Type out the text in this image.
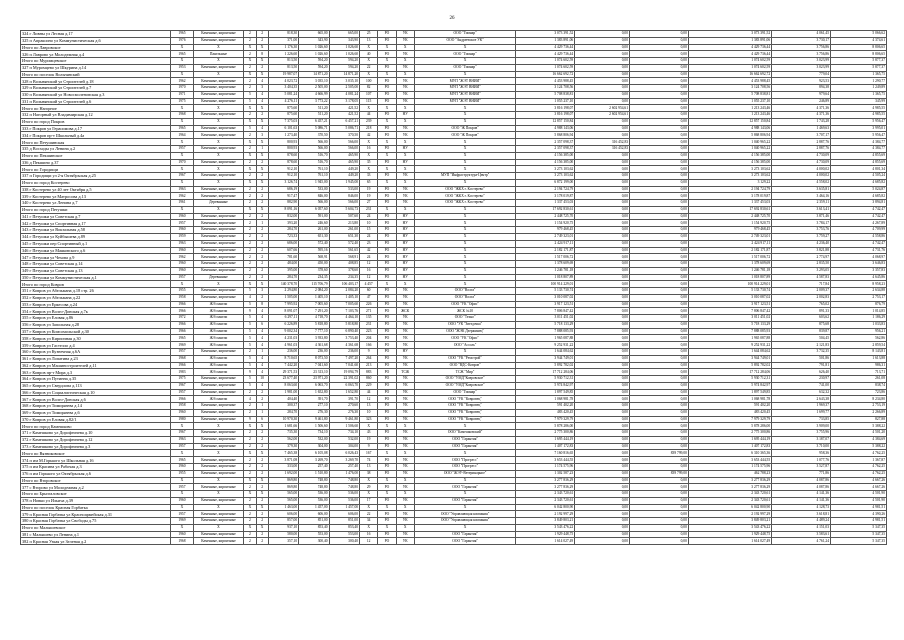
26
324 г Ливны ул Лесная д.17	1965	Каменные, кирпичные	2	2	818,30	665,00	665,00	25	РО	УК	ООО "Гимнар"	3 073 391,52	0,00	0,00	3 073 391,52	4 061,45	5 066,62
325 п Апраксино ул Коммунистическая д.6	1976	Каменные, кирпичные	2	2	371,00	343,90	343,90	13	РО	УК	ООО "Андреевское УК"	1 383 891,06	0,00	0,00	1 383 891,06	3 730,17	4 374,61
Итого по Лавровское	X	X	X	X	1 176,30	1 026,60	1 026,60	X	X	X	X	4 429 736,44	0,00	0,00	4 429 736,44	3 756,86	8 806,65
326 п Лаврово ул Молодежная д.4	1965	Панельные	2	8	1 226,60	1 026,60	1 026,60	40	РО	УК	ООО "Гимнар"	4 429 736,44	0,00	0,00	4 429 736,44	3 756,86	8 806,65
Итого по Муромцевское	X	X	X	X	813,50	594,20	594,20	X	X	X	X	1 074 602,59	0,00	0,00	1 074 602,59	3 023,99	5 877,37
327 п Муромцево ул Шкурина д.14	1953	Каменные, кирпичные	2	2	813,50	594,20	594,20	22	РО	УК	ООО "Гимнар"	1 074 602,59	0,00	0,00	1 074 602,59	3 023,99	5 877,37
Итого по поселок Вольнянский	X	X	X	X	19 987,07	14 871,20	14 871,20	X	X	X	X	16 662 692,72	0,00	0,00	16 662 692,72	779,04	1 365,75
328 п Вольнянский ул Строителей д.18	1962	Каменные, кирпичные	2	4	4 023,72	3 035,10	3 035,10	100	РО	УК	МУП "ЖЭТ ВНИИ"	4 453 988,45	0,00	0,00	4 453 988,45	923,53	1 290,77
329 п Вольнянский ул Строителей д.7	1970	Каменные, кирпичные	2	3	3 404,35	2 505,00	2 505,00	82	РО	УК	МУП "ЖЭТ ВНИИ"	3 124 708,56	0,00	0,00	3 124 708,56	894,38	1 249,89
330 п Вольнянский ул Новосмоленовская д.3	1971	Каменные, кирпичные	5	4	5 081,24	4 666,99	4 081,24	107	РО	УК	МУП "ЖЭТ ВНИИ"	5 708 838,81	0,00	0,00	5 708 838,81	979,64	1 365,75
331 п Вольнянский ул Строителей д.6	1975	Каменные, кирпичные	5	4	4 276,11	3 773,22	3 178,05	115	РО	УК	МУП "ЖЭТ ВНИИ"	1 055 237,10	0,00	0,00	1 055 237,10	246,89	345,99
Итого по Нагорное	X	X	X	X	875,60	511,20	421,52	X	X	X	X	3 816 198,07	2 602 954,61	0,00	1 213 243,46	4 371,36	4 985,55
332 п Нагорный ул Владимирская д.12	1968	Каменные, кирпичные	2	2	875,60	511,20	421,52	44	РО	НУ	X	3 816 198,07	2 602 954,61	0,00	1 213 243,46	4 371,36	4 985,55
Итого по город Покров	X	X	X	X	7 375,03	6 457,21	6 457,21	239	X	X	X	12 857 150,84	0,00	0,00	12 857 150,84	1 743,28	5 956,47
333 г Покров ул Герасимова д.17	1965	Каменные, кирпичные	5	4	6 101,63	5 086,71	5 086,71	218	РО	УК	ООО "Ж Покров"	4 988 143,06	0,00	0,00	4 988 143,06	1 469,63	3 995,01
334 г Покров пр-т Школьный д.4а	1964	Каменные, кирпичные	2	3	1 273,40	370,50	370,50	42	РО	УК	ООО "Ж Покров"	5 868 806,94	0,00	0,00	5 868 806,94	3 707,17	5 956,47
Итого по Петушинская	X	X	X	X	800,93	566,00	566,00	X	X	X	X	2 357 098,37	316 452,83	0,00	1 040 965,22	2 887,76	4 384,77
335 д Восходы ул Ленина д.2	1957	Каменные, кирпичные	2	1	800,93	566,00	566,00	16	РО	НУ	X	2 357 098,37	316 452,83	0,00	1 040 965,22	2 887,76	4 384,77
Итого по Пекшинское	X	X	X	X	878,60	516,70	465,90	X	X	X	X	4 156 385,00	0,00	0,00	4 156 385,00	4 730,09	4 855,69
336 д Пекшино д.37	1970	Каменные, кирпичные	2	2	878,60	516,70	465,90	35	РО	НУ	X	4 156 385,00	0,00	0,00	4 156 385,00	4 730,09	4 855,69
Итого по Городищи	X	X	X	X	912,10	761,10	449,20	X	X	X	X	3 273 103,62	0,00	0,00	3 273 103,62	4 000,02	4 801,34
337 п Городищи ул 2-я Октябрьская д.25	1967	Каменные, кирпичные	2	2	912,10	761,10	449,20	33	РО	УК	МУП "Инфраструктура-Центр"	3 273 103,62	0,00	0,00	3 273 103,62	4 000,02	4 505,24
Итого по город Костерево	X	X	X	X	3 126,74	1 945,00	1 945,00	65	X	X	X	6 872 199,00	0,00	0,00	3 129,22	4 558,02	4 685,82
338 г Костерево ул 40 лет Октября д.5	1963	Каменные, кирпичные	2	2	686,19	533,00	533,00	19	РО	УК	ООО "ЖКХ г. Костерево"	2 194 724,79	0,00	0,00	2 194 724,79	3 635,81	5 024,87
339 г Костерево ул Матросова д.13	1962	Каменные, кирпичные	2	2	917,47	846,00	846,00	19	РО	УК	ООО "ЖКХ г. Костерево"	3 178 019,87	0,00	0,00	3 178 019,87	3 464,16	4 685,82
340 г Костерево ул Ленина д.7	1961	Деревянные	2	2	882,90	566,00	566,00	27	РО	УК	ООО "ЖКХ г. Костерево"	1 337 453,03	0,00	0,00	1 337 453,03	2 359,11	3 894,81
Итого по город Петушки	X	X	X	X	8 091,16	6 057,60	5 604,73	231	X	X	X	17 692 830,61	0,00	0,00	17 692 830,61	3 613,41	4 742,47
341 г Петушки ул Советская д.7	1960	Каменные, кирпичные	2	2	832,00	591,00	507,60	24	РО	НУ	X	2 448 725,70	0,00	0,00	2 448 725,70	3 871,46	4 742,47
342 г Петушки ул Спортивная д.17	1957	Каменные, кирпичные	2	1	393,20	246,60	213,80	10	РО	НУ	X	1 154 920,75	0,00	0,00	1 154 920,75	3 784,17	4 267,89
343 г Петушки ул Вокзальная д.58	1960	Каменные, кирпичные	2	2	284,70	261,00	261,00	15	РО	НУ	X	979 468,45	0,00	0,00	979 468,45	3 753,76	4 709,99
344 г Петушки ул Куйбышева д.89	1959	Каменные, кирпичные	2	2	723,33	651,30	651,30	24	РО	НУ	X	2 749 323,01	0,00	0,00	2 749 323,01	3 759,27	4 558,86
345 г Петушки пер Спортивный д.1	1963	Каменные, кирпичные	2	2	686,00	572,40	572,40	23	РО	НУ	X	2 424 917,11	0,00	0,00	2 424 917,11	4 236,40	4 742,47
346 г Петушки ул Маяковского д.6	1960	Каменные, кирпичные	2	2	607,66	595,16	561,65	42	РО	НУ	X	2 182 171,87	0,00	0,00	2 182 171,87	3 821,88	4 731,76
347 г Петушки ул Чехова д.9	1962	Каменные, кирпичные	2	2	781,60	568,91	568,91	24	РО	НУ	X	1 517 006,72	0,00	0,00	1 517 006,72	2 774,97	4 068,97
348 г Петушки ул Советская д.14	1960	Каменные, кирпичные	2	2	484,00	450,00	408,85	12	РО	НУ	X	1 378 609,69	0,00	0,00	1 378 609,69	2 835,50	3 646,83
349 г Петушки ул Советская д.13	1960	Каменные, кирпичные	2	2	395,00	378,60	378,60	16	РО	НУ	X	1 246 781,18	0,00	0,00	1 246 781,18	3 293,05	3 357,83
350 г Петушки ул Коммунистическая д.1	1957	Деревянные	2	2	284,70	234,35	234,35	12	РО	НУ	X	1 018 807,89	0,00	0,00	1 018 807,89	4 587,83	4 645,86
Итого по город Ковров	X	X	X	X	140 378,70	115 706,79	106 403,17	4 457	X	X	X	100 914 229,01	0,00	0,00	100 914 229,01	717,84	8 958,23
351 г Ковров ул Абельмана д.18 стр. 26	1955	Каменные, кирпичные	5	3	2 294,80	2 084,20	2 084,20	60	РО	УК	ООО "Волга"	5 133 730,74	0,00	0,00	5 133 730,74	2 009,37	2 634,88
352 г Ковров ул Абельмана д.22	1958	Каменные, кирпичные	4	2	1 505,00	1 405,10	1 405,10	47	РО	УК	ООО "Волга"	3 010 087,02	0,00	0,00	3 010 087,02	2 002,83	2 753,17
353 г Ковров ул Еркесова д.24	1966	Ж/б панели	5	8	7 995,92	7 005,60	7 005,60	226	РО	УК	ООО "УК "Офис"	3 917 123,51	0,00	0,00	3 917 123,51	765,02	876,79
354 г Ковров ул Волго-Донская д.7к	1966	Ж/б панели	9	4	8 091,07	7 291,20	7 103,76	271	РО	ЖСК	ЖСК №10	7 806 847,42	0,00	0,00	7 806 847,42	891,33	1 014,85
355 г Ковров ул Еловая д.86	1972	Ж/б панели	5	4	6 297,11	4 718,70	4 464,10	135	РО	УК	ООО "Техно"	3 011 451,02	0,00	0,00	3 011 451,02	603,62	1 186,29
356 г Ковров ул Запольная д.28	1966	Ж/б панели	5	6	6 226,89	5 818,80	5 818,80	231	РО	УК	ООО "УК "Звездочка"	5 718 133,29	0,00	0,00	5 718 133,29	875,68	1 033,83
357 г Ковров ул Комсомольской д.30	1966	Ж/б панели	5	4	9 002,34	7 777,10	6 890,40	223	РО	УК	ООО "ЖЭК Дзержинец"	7 888 085,93	0,00	0,00	7 888 085,93	839,87	956,21
358 г Ковров ул Кирпичная д.30	1965	Ж/б панели	5	4	4 231,03	3 933,80	3 753,40	204	РО	УК	ООО "УК "Офис"	1 965 087,88	0,00	0,00	1 965 087,88	504,45	562,86
359 г Ковров ул Гастелло д.4	1969	Ж/б панели	5	4	4 961,03	4 361,68	4 361,68	166	РО	УК	ООО "Ассоль"	9 252 931,22	0,00	0,00	9 252 931,22	2 121,83	2 859,54
360 г Ковров ул Кузнечная д.6А	1957	Каменные, кирпичные	2	1	236,00	236,00	236,00	9	РО	НУ	X	1 644 084,62	0,00	0,00	1 644 084,62	3 732,35	8 143,81
361 г Ковров ул Лопатина д.23	1968	Ж/б панели	5	4	8 710,65	8 073,50	7 497,20	264	РО	УК	ООО "УК "Ремстрой"	3 944 749,01	0,00	0,00	3 944 749,01	501,86	1 613,88
362 г Ковров ул Машиностроителей д.11	1966	Ж/б панели	5	4	7 442,20	7 041,60	7 041,60	213	РО	УК	ООО "ВДС-Ковров"	5 892 782,02	0,00	0,00	5 892 782,02	791,81	986,31
363 г Ковров пр-т Мира д.3	1983	Ж/б панели	9	4	29 371,53	23 313,10	19 094,79	883	РО	ТСЖ	ТСЖ "Мир"	17 712 284,06	0,00	0,00	17 712 284,06	626,40	713,71
364 г Ковров ул Путинна д.35	1975	Каменные, кирпичные	5	10	23 677,40	23 971,20	22 391,02	860	РО	УК	ООО "УМД"Ковровское"	5 930 712,31	0,00	0,00	5 930 712,31	230,97	261,08
365 г Ковров ул Свердлова д.113	1967	Каменные, кирпичные	5	4	8 063,60	6 063,70	6 063,70	229	РО	УК	ООО "УМД"Ковровское"	5 974 842,97	0,00	0,00	5 974 842,97	741,00	838,74
366 г Ковров ул Социалистическая д.10	1957	Каменные, кирпичные	2	2	1 981,00	1 652,80	1 652,80	44	РО	УК	ООО "Гимнар"	1 897 549,85	0,00	0,00	1 897 549,85	632,32	723,86
367 г Ковров ул Волго-Донская д.6	1966	Ж/б панели	4	2	404,40	391,70	391,70	12	РО	УК	ООО "УК "Ковровец"	1 068 981,78	0,00	0,00	1 068 981,78	2 643,38	8 234,80
368 г Ковров ул Тимирязева д.14	1958	Каменные, кирпичные	2	1	300,37	277,10	270,60	13	РО	УК	ООО "УК "Ковровец"	591 402,20	0,00	0,00	591 402,20	1 969,37	2 753,19
369 г Ковров ул Тимирязева д.6	1960	Каменные, кирпичные	2	1	284,70	276,30	276,30	10	РО	УК	ООО "УК "Ковровец"	483 420,45	0,00	0,00	483 420,45	1 699,77	2 266,89
370 г Ковров ул Еловая д.82/1	1980	Каменные, кирпичные	9	6	10 970,30	9 461,80	9 461,80	323	РО	УК	ООО "УК "Ковровец"	7 979 329,79	0,00	0,00	7 979 329,79	733,85	827,88
Итого по город Камешково	X	X	X	X	1 681,66	1 506,60	1 506,60	X	X	X	X	5 878 286,00	0,00	0,00	5 878 286,00	3 909,00	5 388,22
371 г Камешково ул Дорофеичева д.10	1967	Каменные, кирпичные	2	2	735,30	734,10	734,10	43	РО	УК	ООО "Камешковский"	2 775 300,86	0,00	0,00	2 775 300,86	3 755,96	4 501,20
372 г Камешково ул Дорофеичева д.12	1963	Каменные, кирпичные	2	2	562,00	532,00	532,00	19	РО	УК	ООО "Гарантия"	1 695 444,19	0,00	0,00	1 695 444,19	3 187,07	4 384,69
373 г Камешково ул Дорофеичева д.3	1957	Каменные, кирпичные	2	2	379,30	304,00	304,00	9	РО	УК	ООО "Гарантия"	1 407 172,83	0,00	0,00	1 407 172,83	3 710,00	5 388,22
Итого по Вязниковское	X	X	X	X	7 465,38	6 105,08	6 026,43	167	X	X	X	7 160 816,65	0,00	839 799,00	6 310 365,36	958,36	4 762,25
374 п им М.Горького ул Школьная д.16	1965	Каменные, кирпичные	2	2	3 871,08	3 269,70	3 269,70	74	РО	УК	ООО "Прогресс"	3 653 444,55	0,00	0,00	3 653 444,55	1 077,76	1 367,87
375 п им Красина ул Рабочая д.3	1960	Каменные, кирпичные	2	2	333,00	257,40	257,40	13	РО	УК	ООО "Прогресс"	1 174 575,96	0,00	0,00	1 174 575,96	3 527,87	4 762,25
376 п им Горького ул Октябрьская д.6	1955	Каменные, кирпичные	2	2	1 692,00	1 510,80	1 476,00	38	РО	УК	ООО "ЖЭУ-Ветеринарное"	1 302 587,23	0,00	839 799,00	462 788,23	771,86	4 762,25
Итого по Второвское	X	X	X	X	869,80	748,80	748,80	X	X	X	X	3 277 836,29	0,00	0,00	3 277 836,29	4 087,86	4 667,26
377 с Второво ул Молодежная д.2	1957	Каменные, кирпичные	2	2	869,80	748,80	748,80	29	РО	УК	ООО "Гарантия"	3 277 836,29	0,00	0,00	3 277 836,29	4 087,86	4 667,26
Итого по Брызгаловское	X	X	X	X	565,00	536,00	536,00	X	X	X	X	2 343 720,61	0,00	0,00	2 343 720,61	4 141,36	4 501,90
378 п Новки ул Ильича д.39	1960	Каменные, кирпичные	2	2	565,00	536,00	536,00	17	РО	УК	ООО "Гарантия"	2 343 720,61	0,00	0,00	2 343 720,61	4 141,36	4 501,90
Итого по поселок Красная Горбатка	X	X	X	X	1 463,00	1 457,00	1 457,00	X	X	X	X	6 042 800,90	0,00	0,00	6 042 800,90	4 128,73	4 981,51
379 п Красная Горбатка ул Красноармейская д.31	1957	Каменные, кирпичные	2	2	606,00	606,00	606,00	22	РО	УК	ООО "Управляющая компания"	2 192 997,29	0,00	0,00	2 192 997,29	3 618,81	4 390,26
380 п Красная Горбатка ул Свободы д.75	1969	Каменные, кирпичные	2	2	857,00	851,00	851,00	34	РО	УК	ООО "Управляющая компания"	3 849 803,21	0,00	0,00	3 849 803,21	4 489,24	4 981,51
Итого по Малышевское	X	X	X	X	937,10	853,40	853,40	X	X	X	X	3 543 476,22	0,00	0,00	3 543 476,22	4 151,03	5 347,35
381 с Малышево ул Ленина д.1	1960	Каменные, кирпичные	2	2	580,00	553,00	553,00	16	РО	УК	ООО "Гарантия"	1 929 448,75	0,00	0,00	1 929 448,75	3 583,61	5 347,35
382 п Красная Узкая ул Зеленая д.2	1968	Каменные, кирпичные	2	2	357,10	300,40	300,40	12	РО	УК	ООО "Гарантия"	1 614 027,49	0,00	0,00	1 614 027,49	4 761,24	5 347,35
